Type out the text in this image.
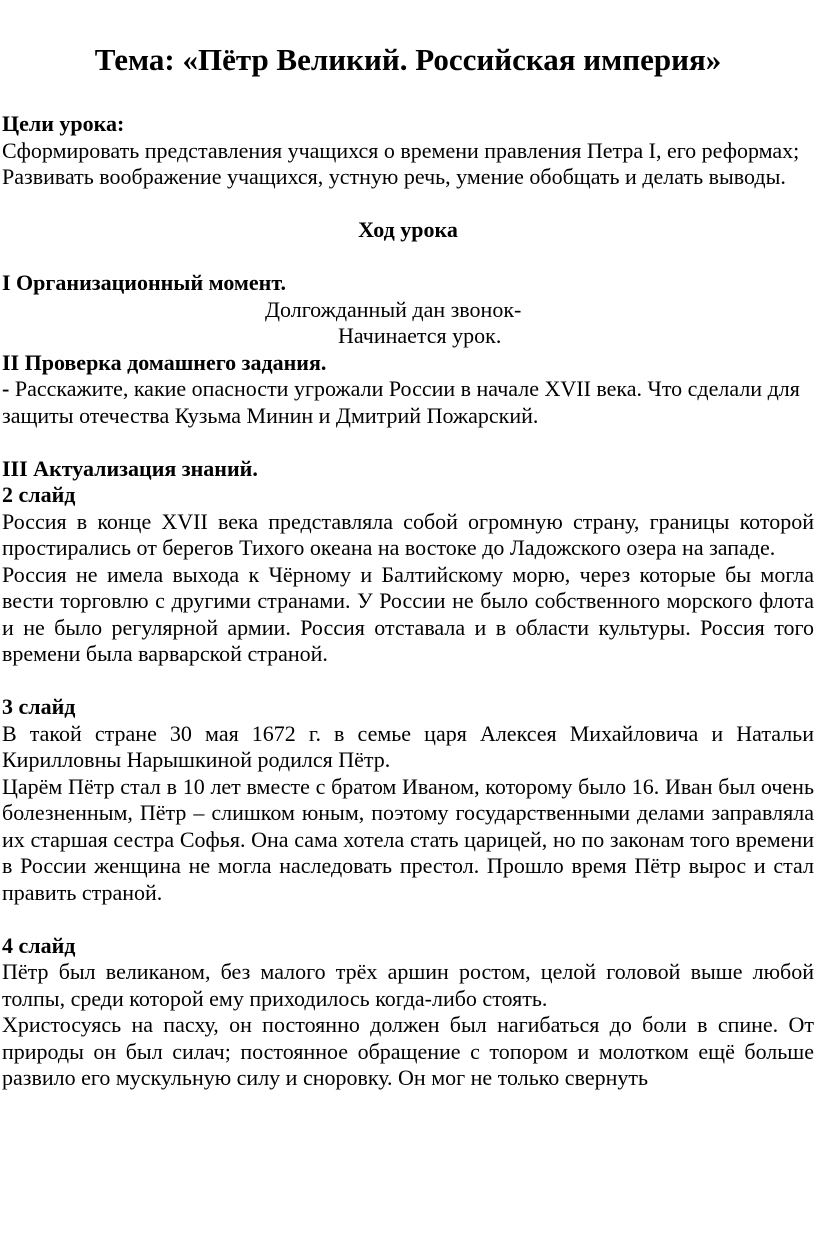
Тема: «Пётр Великий. Российская империя»

Цели урока:

Сформировать представления учащихся о времени правления Петра I, его реформах;

Развивать воображение учащихся, устную речь, умение обобщать и делать выводы.

Ход урока

I Организационный момент.

Долгожданный дан звонок-

Начинается урок.

II Проверка домашнего задания.

- Расскажите, какие опасности угрожали России в начале XVII века. Что сделали для защиты отечества Кузьма Минин и Дмитрий Пожарский.

III Актуализация знаний.

2 слайд

Россия в конце XVII века представляла собой огромную страну, границы которой простирались от берегов Тихого океана на востоке до Ладожского озера на западе.

Россия не имела выхода к Чёрному и Балтийскому морю, через которые бы могла вести торговлю с другими странами. У России не было собственного морского флота и не было регулярной армии. Россия отставала и в области культуры. Россия того времени была варварской страной.

3 слайд

В такой стране 30 мая 1672 г. в семье царя Алексея Михайловича и Натальи Кирилловны Нарышкиной родился Пётр.

Царём Пётр стал в 10 лет вместе с братом Иваном, которому было 16. Иван был очень болезненным, Пётр – слишком юным, поэтому государственными делами заправляла их старшая сестра Софья. Она сама хотела стать царицей, но по законам того времени в России женщина не могла наследовать престол. Прошло время Пётр вырос и стал править страной.

4 слайд

Пётр был великаном, без малого трёх аршин ростом, целой головой выше любой толпы, среди которой ему приходилось когда-либо стоять.

Христосуясь на пасху, он постоянно должен был нагибаться до боли в спине. От природы он был силач; постоянное обращение с топором и молотком ещё больше развило его мускульную силу и сноровку. Он мог не только свернуть
